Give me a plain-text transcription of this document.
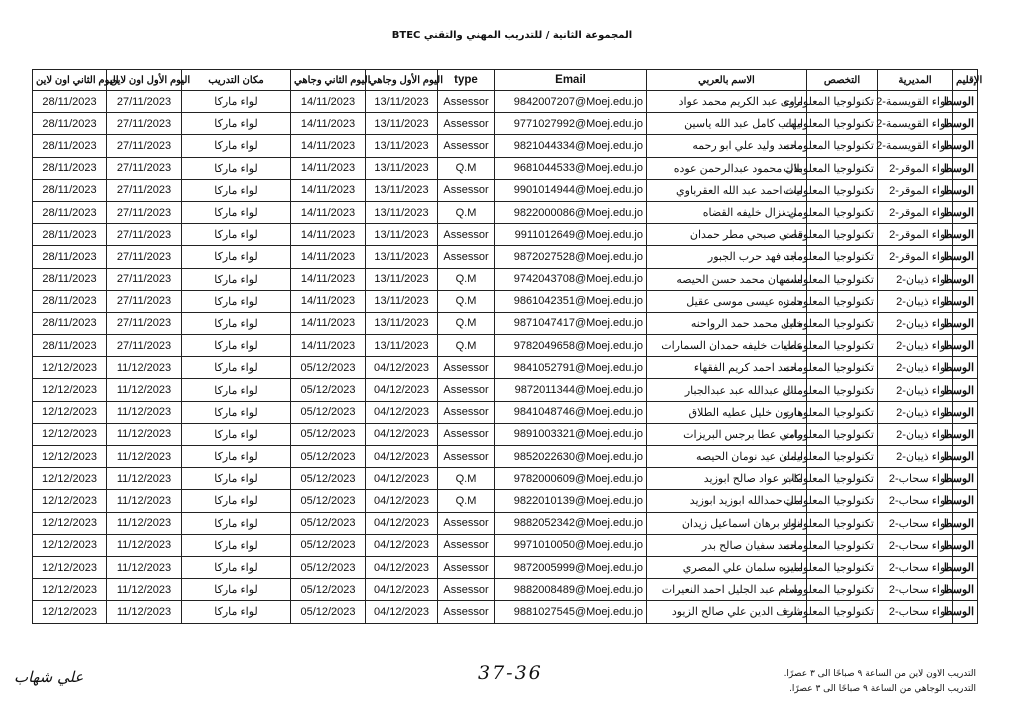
المجموعة الثانية / للتدريب المهني والتقني BTEC
اليوم الثاني اون لاين	اليوم الأول اون لاين	مكان التدريب	اليوم الثاني وجاهي	اليوم الأول وجاهي	type	Email	الاسم بالعربي	التخصص	المديرية	الإقليم
28/11/2023	27/11/2023	لواء ماركا	14/11/2023	13/11/2023	Assessor	9842007207@Moej.edu.jo	اروى عبد الكريم محمد عواد	تكنولوجيا المعلومات	لواء القويسمة-2	الوسط
28/11/2023	27/11/2023	لواء ماركا	14/11/2023	13/11/2023	Assessor	9771027992@Moej.edu.jo	ايهاب كامل عبد الله ياسين	تكنولوجيا المعلومات	لواء القويسمة-2	الوسط
28/11/2023	27/11/2023	لواء ماركا	14/11/2023	13/11/2023	Assessor	9821044334@Moej.edu.jo	محمد وليد علي ابو رحمه	تكنولوجيا المعلومات	لواء القويسمة-2	الوسط
28/11/2023	27/11/2023	لواء ماركا	14/11/2023	13/11/2023	Q.M	9681044533@Moej.edu.jo	بلال محمود عبدالرحمن عوده	تكنولوجيا المعلومات	لواء الموقر-2	الوسط
28/11/2023	27/11/2023	لواء ماركا	14/11/2023	13/11/2023	Assessor	9901014944@Moej.edu.jo	ليث احمد عبد الله العقرباوي	تكنولوجيا المعلومات	لواء الموقر-2	الوسط
28/11/2023	27/11/2023	لواء ماركا	14/11/2023	13/11/2023	Q.M	9822000086@Moej.edu.jo	مي نزال خليفه القضاه	تكنولوجيا المعلومات	لواء الموقر-2	الوسط
28/11/2023	27/11/2023	لواء ماركا	14/11/2023	13/11/2023	Assessor	9911012649@Moej.edu.jo	قصي صبحي مطر حمدان	تكنولوجيا المعلومات	لواء الموقر-2	الوسط
28/11/2023	27/11/2023	لواء ماركا	14/11/2023	13/11/2023	Assessor	9872027528@Moej.edu.jo	مجد فهد حرب الجبور	تكنولوجيا المعلومات	لواء الموقر-2	الوسط
28/11/2023	27/11/2023	لواء ماركا	14/11/2023	13/11/2023	Q.M	9742043708@Moej.edu.jo	اسمهان محمد حسن الحيصه	تكنولوجيا المعلومات	لواء ذيبان-2	الوسط
28/11/2023	27/11/2023	لواء ماركا	14/11/2023	13/11/2023	Q.M	9861042351@Moej.edu.jo	حمزه عيسى موسى عقيل	تكنولوجيا المعلومات	لواء ذيبان-2	الوسط
28/11/2023	27/11/2023	لواء ماركا	14/11/2023	13/11/2023	Q.M	9871047417@Moej.edu.jo	خليل محمد حمد الرواحنه	تكنولوجيا المعلومات	لواء ذيبان-2	الوسط
28/11/2023	27/11/2023	لواء ماركا	14/11/2023	13/11/2023	Q.M	9782049658@Moej.edu.jo	عطيات خليفه حمدان السمارات	تكنولوجيا المعلومات	لواء ذيبان-2	الوسط
12/12/2023	11/12/2023	لواء ماركا	05/12/2023	04/12/2023	Assessor	9841052791@Moej.edu.jo	محمد احمد كريم الفقهاء	تكنولوجيا المعلومات	لواء ذيبان-2	الوسط
12/12/2023	11/12/2023	لواء ماركا	05/12/2023	04/12/2023	Assessor	9872011344@Moej.edu.jo	منال عبدالله عبد عبدالجبار	تكنولوجيا المعلومات	لواء ذيبان-2	الوسط
12/12/2023	11/12/2023	لواء ماركا	05/12/2023	04/12/2023	Assessor	9841048746@Moej.edu.jo	هارون خليل عطيه الطلاق	تكنولوجيا المعلومات	لواء ذيبان-2	الوسط
12/12/2023	11/12/2023	لواء ماركا	05/12/2023	04/12/2023	Assessor	9891003321@Moej.edu.jo	رامي عطا برجس البريزات	تكنولوجيا المعلومات	لواء ذيبان-2	الوسط
12/12/2023	11/12/2023	لواء ماركا	05/12/2023	04/12/2023	Assessor	9852022630@Moej.edu.jo	ايمان عيد نومان الحيصه	تكنولوجيا المعلومات	لواء ذيبان-2	الوسط
12/12/2023	11/12/2023	لواء ماركا	05/12/2023	04/12/2023	Q.M	9782000609@Moej.edu.jo	اكابر عواد صالح ابوزيد	تكنولوجيا المعلومات	لواء سحاب-2	الوسط
12/12/2023	11/12/2023	لواء ماركا	05/12/2023	04/12/2023	Q.M	9822010139@Moej.edu.jo	امل حمدالله ابوزيد ابوزيد	تكنولوجيا المعلومات	لواء سحاب-2	الوسط
12/12/2023	11/12/2023	لواء ماركا	05/12/2023	04/12/2023	Assessor	9882052342@Moej.edu.jo	انوار برهان اسماعيل زيدان	تكنولوجيا المعلومات	لواء سحاب-2	الوسط
12/12/2023	11/12/2023	لواء ماركا	05/12/2023	04/12/2023	Assessor	9971010050@Moej.edu.jo	محمد سفيان صالح بدر	تكنولوجيا المعلومات	لواء سحاب-2	الوسط
12/12/2023	11/12/2023	لواء ماركا	05/12/2023	04/12/2023	Assessor	9872005999@Moej.edu.jo	اميره سلمان علي المصري	تكنولوجيا المعلومات	لواء سحاب-2	الوسط
12/12/2023	11/12/2023	لواء ماركا	05/12/2023	04/12/2023	Assessor	9882008489@Moej.edu.jo	وسام عبد الجليل احمد النعيرات	تكنولوجيا المعلومات	لواء سحاب-2	الوسط
12/12/2023	11/12/2023	لواء ماركا	05/12/2023	04/12/2023	Assessor	9881027545@Moej.edu.jo	شرف الدين علي صالح الزيود	تكنولوجيا المعلومات	لواء سحاب-2	الوسط
التدريب الاون لاين من الساعة ٩ صباحًا الى ٣ عصرًا.
التدريب الوجاهي من الساعة ٩ صباحًا الى ٣ عصرًا.
37-36
علي شهاب
